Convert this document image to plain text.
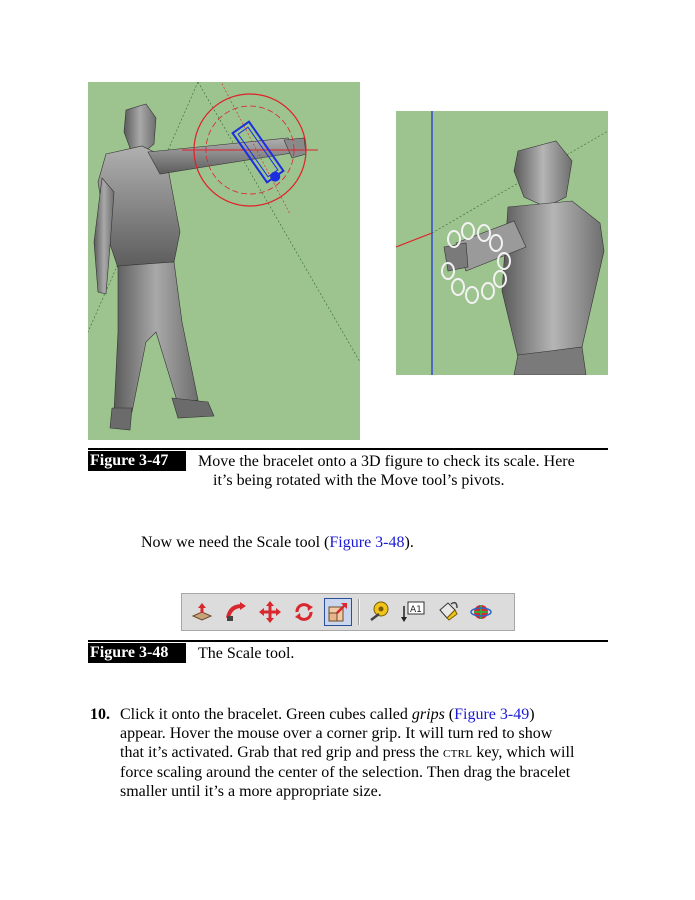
Figure 3-47	Move the bracelet onto a 3D figure to check its scale. Here
it’s being rotated with the Move tool’s pivots.
Now we need the Scale tool (Figure 3-48).
A1
Figure 3-48	The Scale tool.
10. Click it onto the bracelet. Green cubes called grips (Figure 3-49)
appear. Hover the mouse over a corner grip. It will turn red to show
that it’s activated. Grab that red grip and press the CTRL key, which will
force scaling around the center of the selection. Then drag the bracelet
smaller until it’s a more appropriate size.
